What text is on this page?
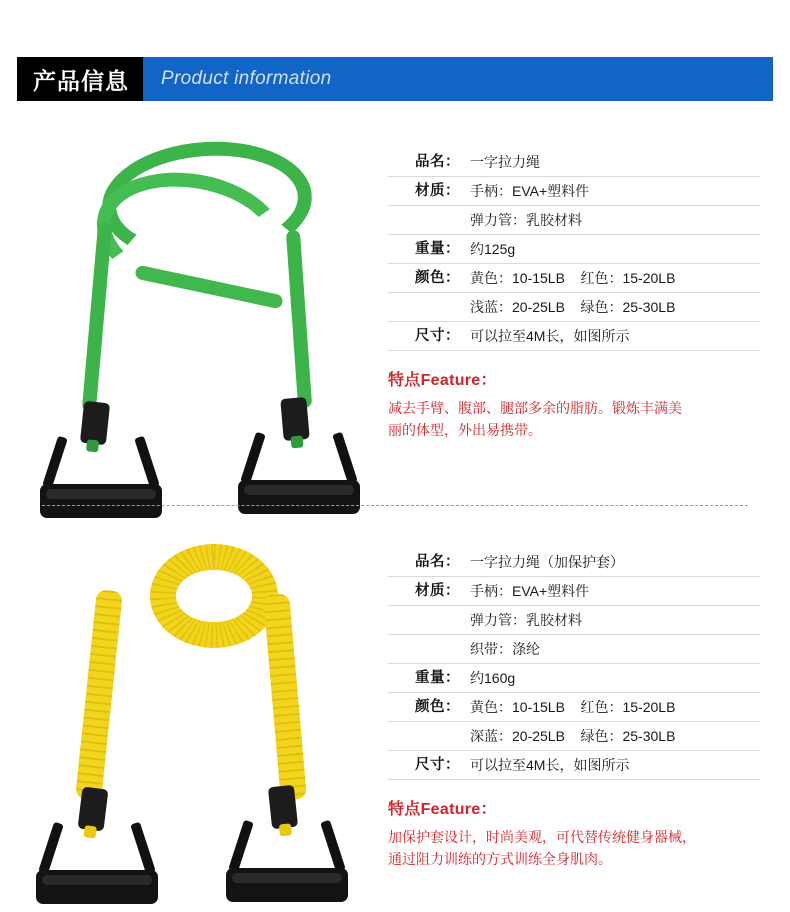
产品信息	Product information
品名： 一字拉力绳
材质： 手柄：EVA+塑料件
弹力管：乳胶材料
重量： 约125g
颜色： 黄色：10-15LB    红色：15-20LB
浅蓝：20-25LB    绿色：25-30LB
尺寸： 可以拉至4M长，如图所示
特点Feature：
减去手臂、腹部、腿部多余的脂肪。锻炼丰满美
丽的体型，外出易携带。
品名： 一字拉力绳（加保护套）
材质： 手柄：EVA+塑料件
弹力管：乳胶材料
织带：涤纶
重量： 约160g
颜色： 黄色：10-15LB    红色：15-20LB
深蓝：20-25LB    绿色：25-30LB
尺寸： 可以拉至4M长，如图所示
特点Feature：
加保护套设计，时尚美观，可代替传统健身器械，
通过阻力训练的方式训练全身肌肉。
